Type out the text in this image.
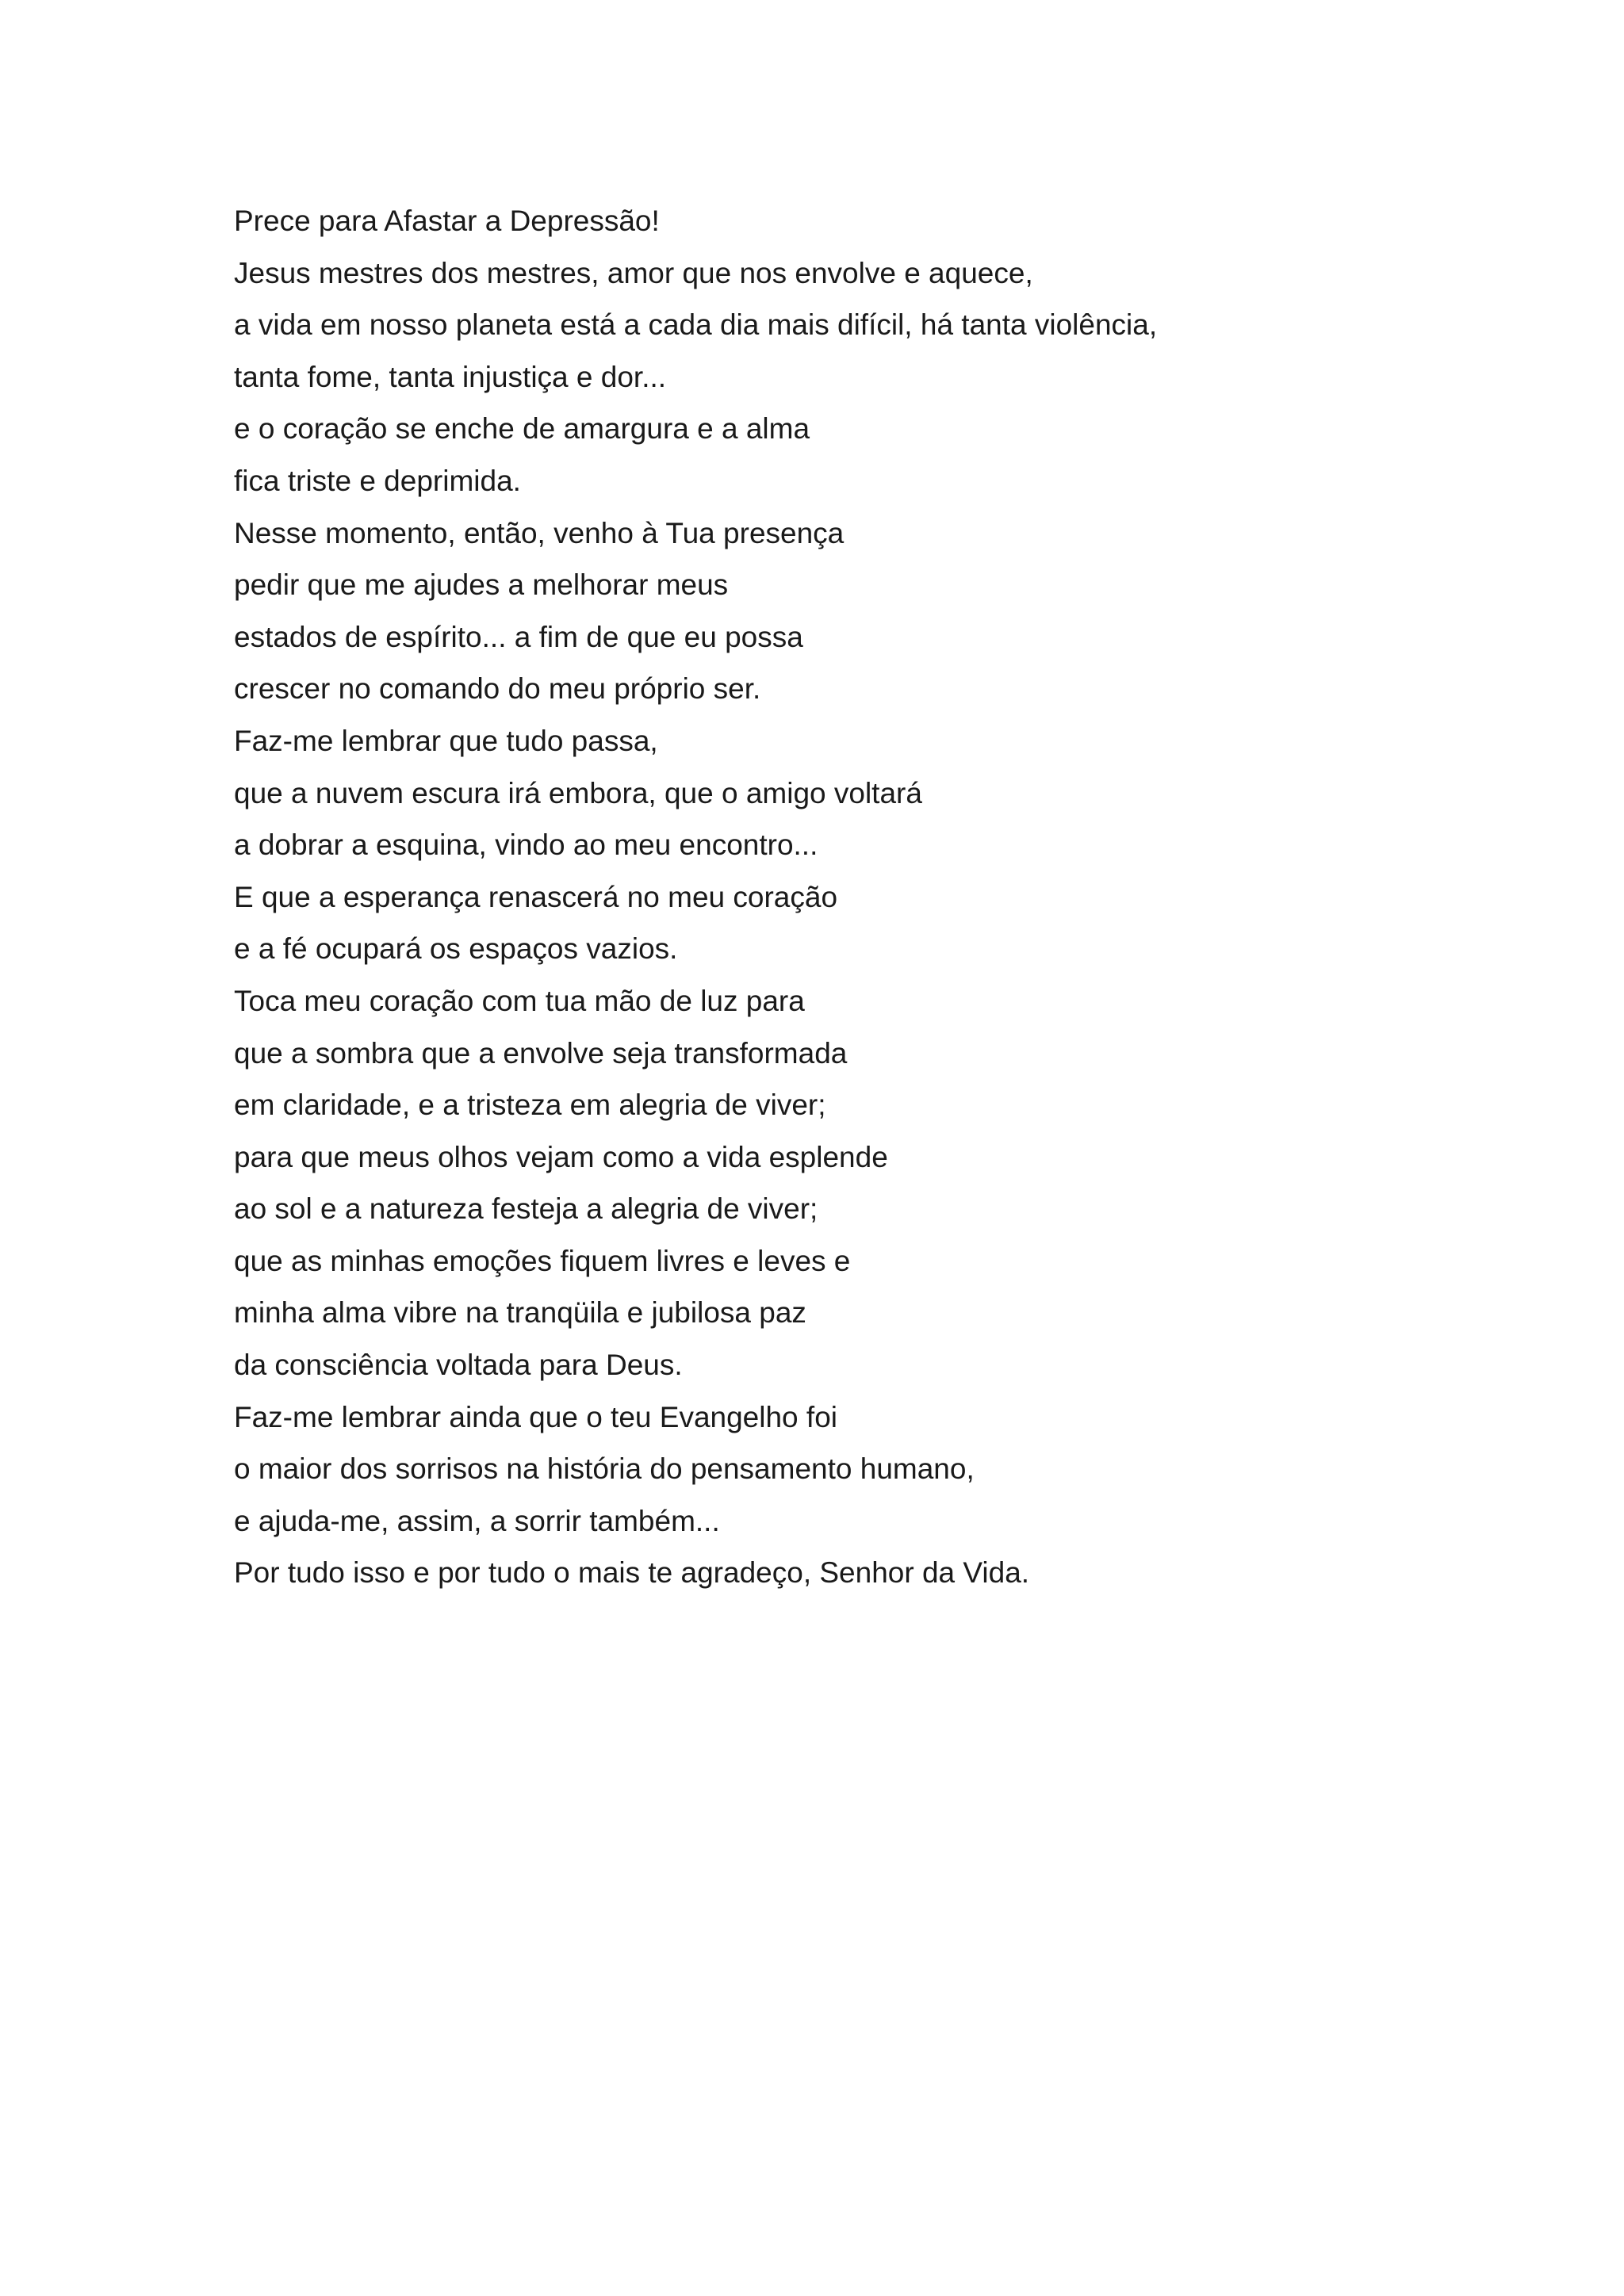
Prece para Afastar a Depressão!
Jesus mestres dos mestres, amor que nos envolve e aquece,
a vida em nosso planeta está a cada dia mais difícil, há tanta violência,
tanta fome, tanta injustiça e dor...
e o coração se enche de amargura e a alma
fica triste e deprimida.
Nesse momento, então, venho à Tua presença
pedir que me ajudes a melhorar meus
estados de espírito... a fim de que eu possa
crescer no comando do meu próprio ser.
Faz-me lembrar que tudo passa,
que a nuvem escura irá embora, que o amigo voltará
a dobrar a esquina, vindo ao meu encontro...
E que a esperança renascerá no meu coração
e a fé ocupará os espaços vazios.
Toca meu coração com tua mão de luz para
que a sombra que a envolve seja transformada
em claridade, e a tristeza em alegria de viver;
para que meus olhos vejam como a vida esplende
ao sol e a natureza festeja a alegria de viver;
que as minhas emoções fiquem livres e leves e
minha alma vibre na tranqüila e jubilosa paz
da consciência voltada para Deus.
Faz-me lembrar ainda que o teu Evangelho foi
o maior dos sorrisos na história do pensamento humano,
e ajuda-me, assim, a sorrir também...
Por tudo isso e por tudo o mais te agradeço, Senhor da Vida.
